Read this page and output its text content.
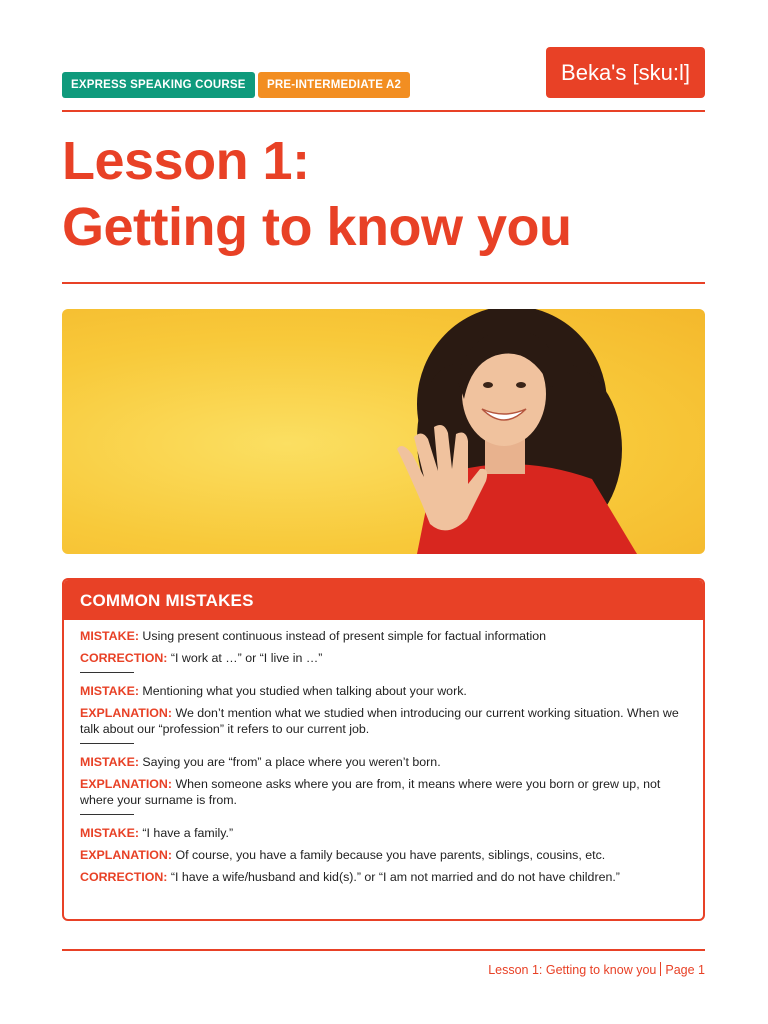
EXPRESS SPEAKING COURSE	PRE-INTERMEDIATE A2	Beka's [sku:l]
Lesson 1:
Getting to know you
COMMON MISTAKES
MISTAKE: Using present continuous instead of present simple for factual information
CORRECTION: “I work at …” or “I live in …”
MISTAKE: Mentioning what you studied when talking about your work.
EXPLANATION: We don’t mention what we studied when introducing our current working situation. When we talk about our “profession” it refers to our current job.
MISTAKE: Saying you are “from” a place where you weren’t born.
EXPLANATION: When someone asks where you are from, it means where were you born or grew up, not where your surname is from.
MISTAKE: “I have a family.”
EXPLANATION: Of course, you have a family because you have parents, siblings, cousins, etc.
CORRECTION: “I have a wife/husband and kid(s).” or “I am not married and do not have children.”
Lesson 1: Getting to know you Page 1
